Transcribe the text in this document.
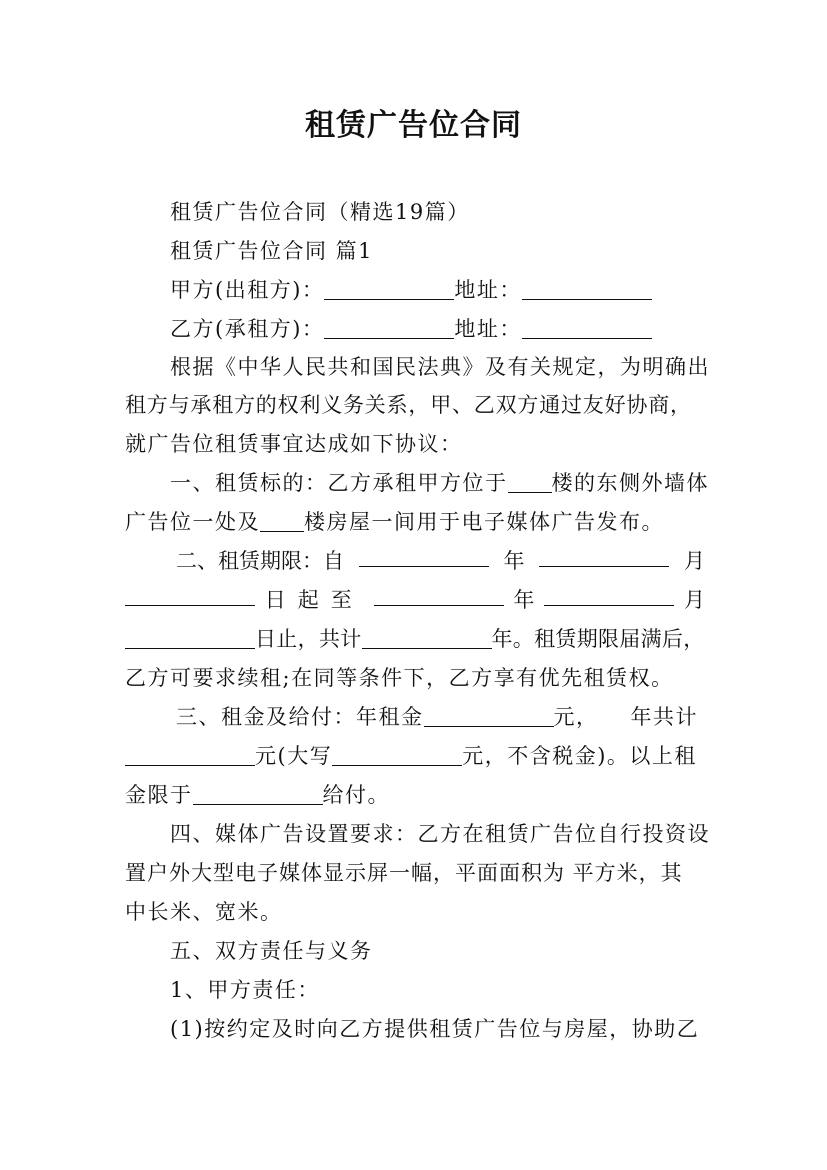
租赁广告位合同
租赁广告位合同（精选19篇）
租赁广告位合同 篇1
甲方(出租方)：	地址：
乙方(承租方)：	地址：
根据《中华人民共和国民法典》及有关规定，为明确出
租方与承租方的权利义务关系，甲、乙双方通过友好协商，
就广告位租赁事宜达成如下协议：
一、租赁标的：乙方承租甲方位于 楼的东侧外墙体
广告位一处及 楼房屋一间用于电子媒体广告发布。
二、租赁期限：自	年	月
日起至	年	月
日止，共计	年。租赁期限届满后，
乙方可要求续租;在同等条件下，乙方享有优先租赁权。
三、租金及给付：年租金	元， 年共计
元(大写	元，不含税金)。以上租
金限于	给付。
四、媒体广告设置要求：乙方在租赁广告位自行投资设
置户外大型电子媒体显示屏一幅，平面面积为 平方米，其
中长米、宽米。
五、双方责任与义务
1、甲方责任：
(1)按约定及时向乙方提供租赁广告位与房屋，协助乙
